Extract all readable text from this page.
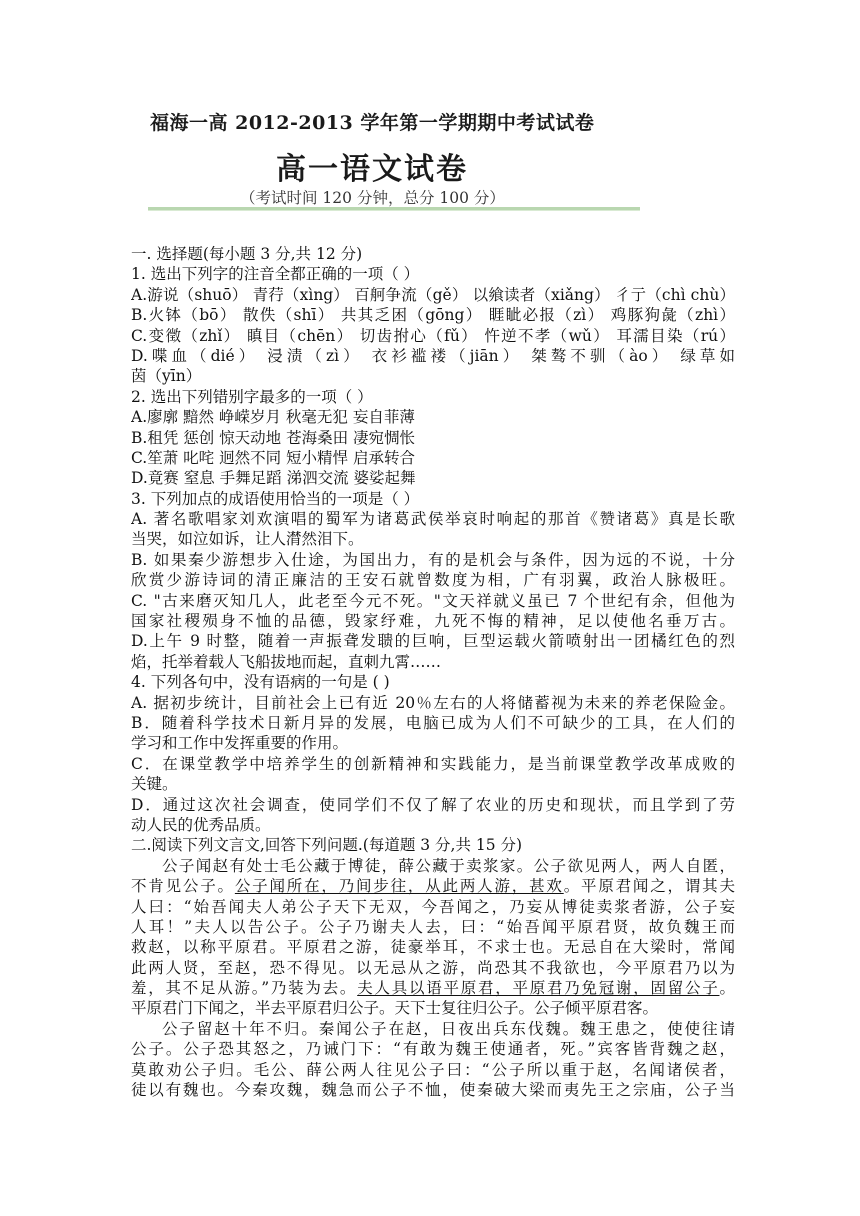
福海一高 2012-2013 学年第一学期期中考试试卷
高一语文试卷
（考试时间 120 分钟，总分 100 分）
一. 选择题(每小题 3 分,共 12 分)
1. 选出下列字的注音全都正确的一项（ ）
A.游说（shuō） 青荇（xìng） 百舸争流（gě） 以飨读者（xiǎng） 彳亍（chì chù）
B.火钵（bō） 散佚（shī） 共其乏困（gōng） 睚眦必报（zì） 鸡豚狗彘（zhì）
C.变徵（zhǐ） 瞋目（chēn） 切齿拊心（fǔ） 忤逆不孝（wǔ） 耳濡目染（rú）
D.喋血（dié） 浸渍（zì） 衣衫褴褛（jiān） 桀骜不驯（ào） 绿草如
茵（yīn）
2. 选出下列错别字最多的一项（ ）
A.廖廓 黯然 峥嵘岁月 秋毫无犯 妄自菲薄
B.租凭 惩创 惊天动地 苍海桑田 凄宛惆怅
C.笙萧 叱咤 迥然不同 短小精悍 启承转合
D.竟赛 窒息 手舞足蹈 涕泗交流 婆娑起舞
3. 下列加点的成语使用恰当的一项是（ ）
A. 著名歌唱家刘欢演唱的蜀军为诸葛武侯举哀时响起的那首《赞诸葛》真是长歌
当哭，如泣如诉，让人潸然泪下。
B. 如果秦少游想步入仕途，为国出力，有的是机会与条件，因为远的不说，十分
欣赏少游诗词的清正廉洁的王安石就曾数度为相，广有羽翼，政治人脉极旺。
C. "古来磨灭知几人，此老至今元不死。"文天祥就义虽已 7 个世纪有余，但他为
国家社稷殒身不恤的品德，毁家纾难，九死不悔的精神，足以使他名垂万古。
D.上午 9 时整，随着一声振聋发聩的巨响，巨型运载火箭喷射出一团橘红色的烈
焰，托举着载人飞船拔地而起，直刺九霄……
4. 下列各句中，没有语病的一句是 ( )
A. 据初步统计，目前社会上已有近 20％左右的人将储蓄视为未来的养老保险金。
B．随着科学技术日新月异的发展，电脑已成为人们不可缺少的工具，在人们的
学习和工作中发挥重要的作用。
C．在课堂教学中培养学生的创新精神和实践能力，是当前课堂教学改革成败的
关键。
D．通过这次社会调查，使同学们不仅了解了农业的历史和现状，而且学到了劳
动人民的优秀品质。
二.阅读下列文言文,回答下列问题.(每道题 3 分,共 15 分)
公子闻赵有处士毛公藏于博徒，薛公藏于卖浆家。公子欲见两人，两人自匿，
不肯见公子。公子闻所在，乃间步往，从此两人游，甚欢。平原君闻之，谓其夫
人曰：“始吾闻夫人弟公子天下无双，今吾闻之，乃妄从博徒卖浆者游，公子妄
人耳！”夫人以告公子。公子乃谢夫人去，曰：“始吾闻平原君贤，故负魏王而
救赵，以称平原君。平原君之游，徒豪举耳，不求士也。无忌自在大梁时，常闻
此两人贤，至赵，恐不得见。以无忌从之游，尚恐其不我欲也，今平原君乃以为
羞，其不足从游。”乃装为去。夫人具以语平原君，平原君乃免冠谢，固留公子。
平原君门下闻之，半去平原君归公子。天下士复往归公子。公子倾平原君客。
公子留赵十年不归。秦闻公子在赵，日夜出兵东伐魏。魏王患之，使使往请
公子。公子恐其怒之，乃诫门下：“有敢为魏王使通者，死。”宾客皆背魏之赵，
莫敢劝公子归。毛公、薛公两人往见公子曰：“公子所以重于赵，名闻诸侯者，
徒以有魏也。今秦攻魏，魏急而公子不恤，使秦破大梁而夷先王之宗庙，公子当
